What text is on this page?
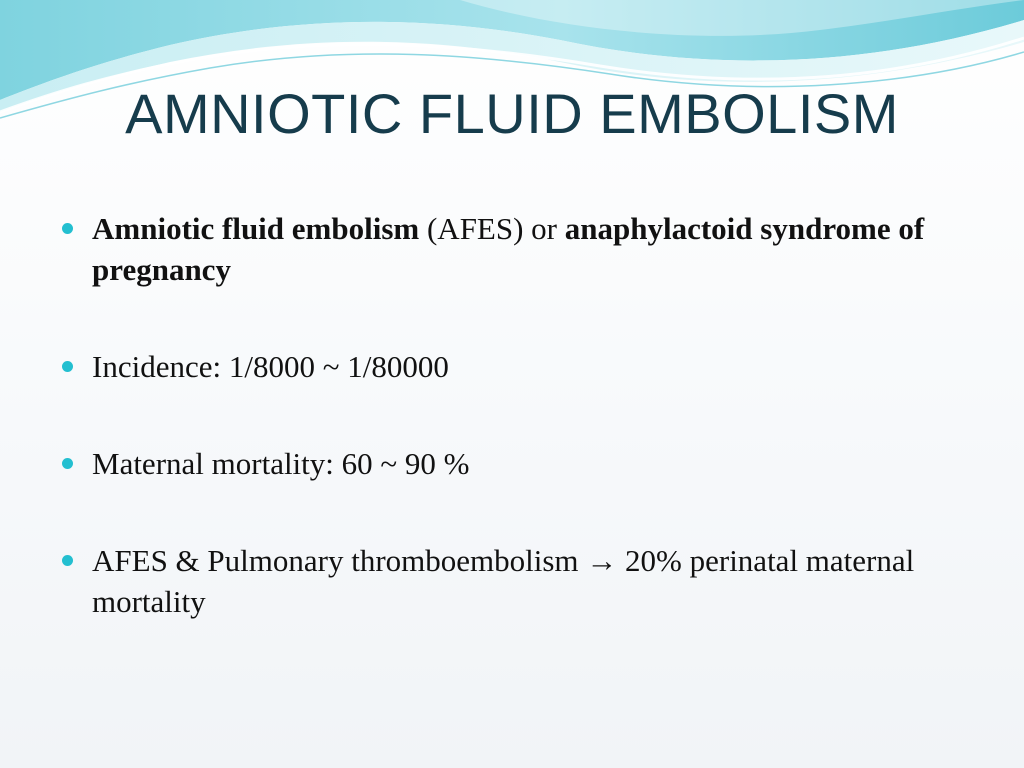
AMNIOTIC FLUID EMBOLISM
Amniotic fluid embolism (AFES) or anaphylactoid syndrome of pregnancy
Incidence: 1/8000 ~ 1/80000
Maternal mortality: 60 ~ 90 %
AFES & Pulmonary thromboembolism → 20% perinatal maternal mortality
